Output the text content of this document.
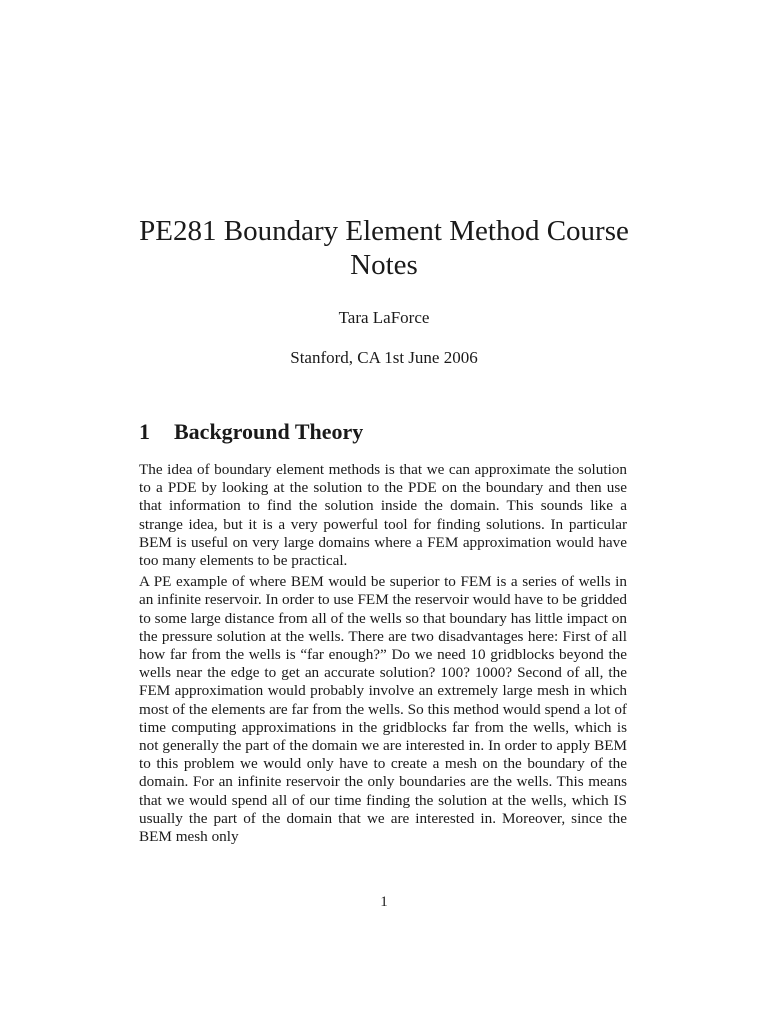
PE281 Boundary Element Method Course Notes
Tara LaForce
Stanford, CA 1st June 2006
1 Background Theory

The idea of boundary element methods is that we can approximate the solution to a PDE by looking at the solution to the PDE on the boundary and then use that information to find the solution inside the domain. This sounds like a strange idea, but it is a very powerful tool for finding solutions. In particular BEM is useful on very large domains where a FEM approximation would have too many elements to be practical.

A PE example of where BEM would be superior to FEM is a series of wells in an infinite reservoir. In order to use FEM the reservoir would have to be gridded to some large distance from all of the wells so that boundary has little impact on the pressure solution at the wells. There are two disadvantages here: First of all how far from the wells is “far enough?” Do we need 10 gridblocks beyond the wells near the edge to get an accurate solution? 100? 1000? Second of all, the FEM approximation would probably involve an extremely large mesh in which most of the elements are far from the wells. So this method would spend a lot of time computing approximations in the gridblocks far from the wells, which is not generally the part of the domain we are interested in. In order to apply BEM to this problem we would only have to create a mesh on the boundary of the domain. For an infinite reservoir the only boundaries are the wells. This means that we would spend all of our time finding the solution at the wells, which IS usually the part of the domain that we are interested in. Moreover, since the BEM mesh only

1
